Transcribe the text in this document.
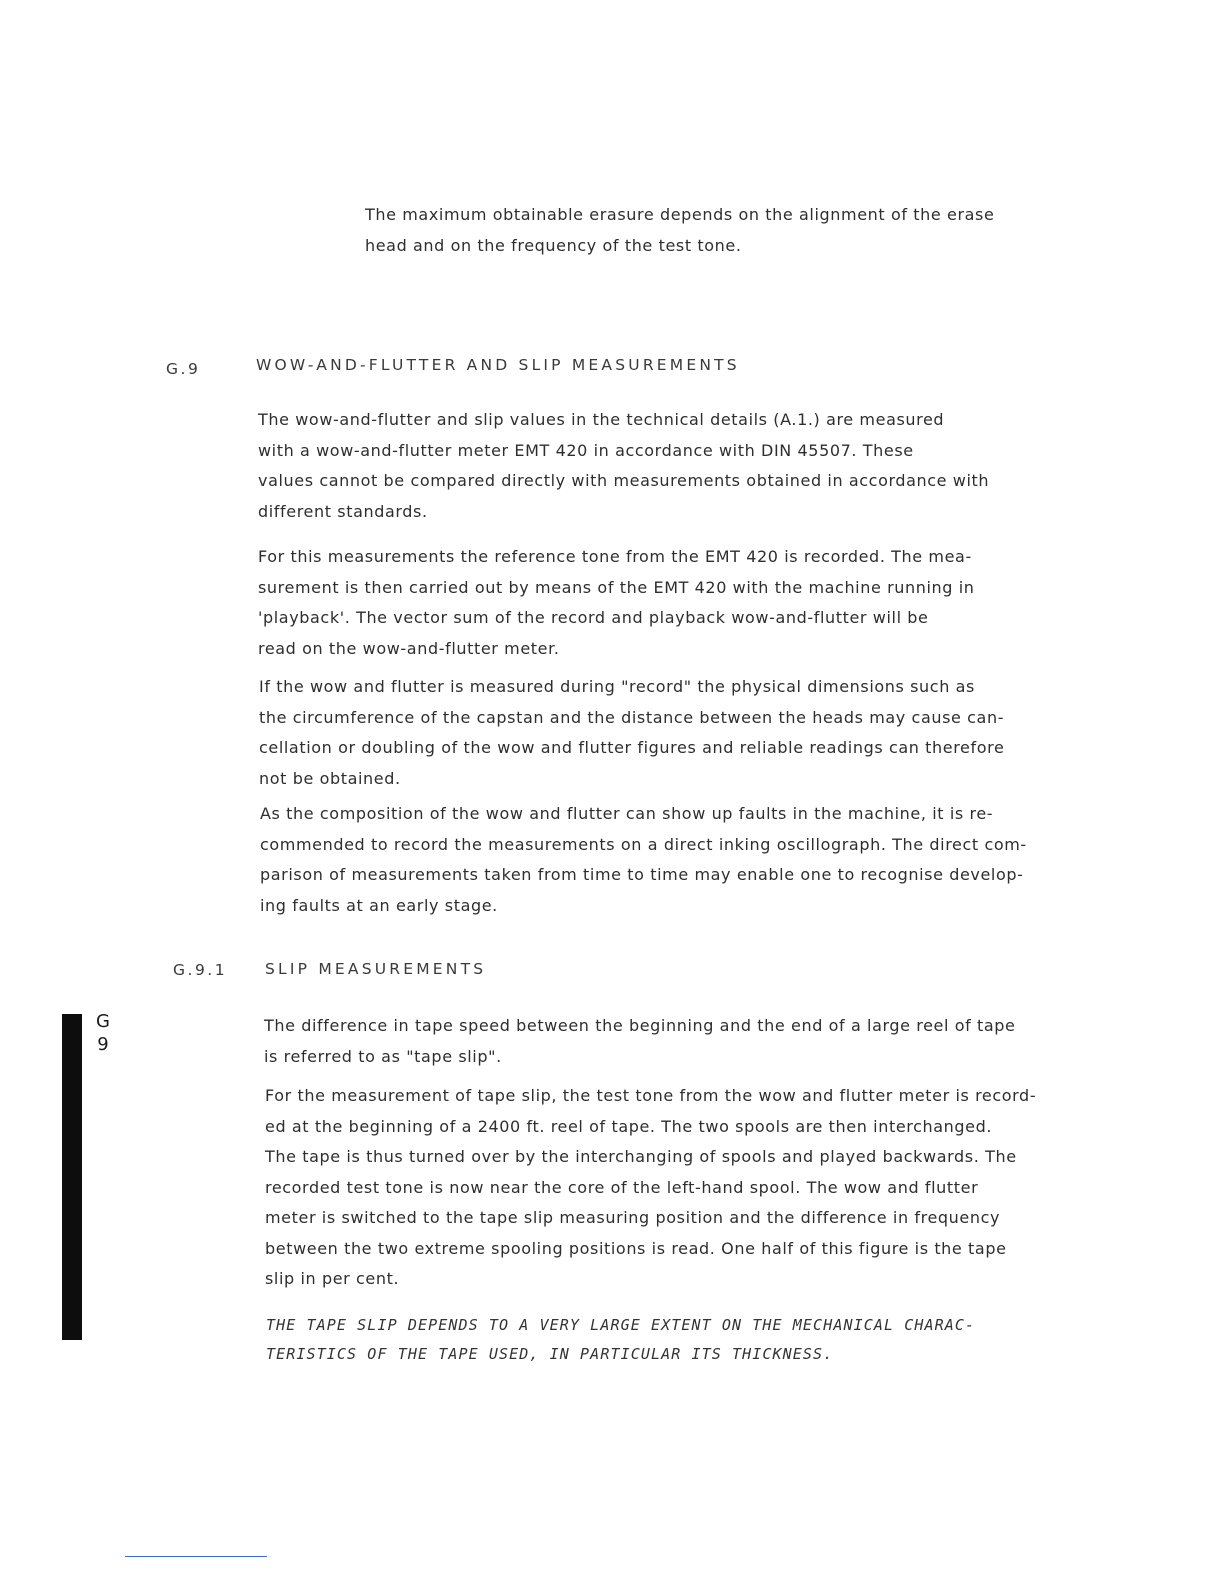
The maximum obtainable erasure depends on the alignment of the erase
head and on the frequency of the test tone.
G.9	WOW-AND-FLUTTER AND SLIP MEASUREMENTS
The wow-and-flutter and slip values in the technical details (A.1.) are measured
with a wow-and-flutter meter EMT 420 in accordance with DIN 45507. These
values cannot be compared directly with measurements obtained in accordance with
different standards.
For this measurements the reference tone from the EMT 420 is recorded. The mea-
surement is then carried out by means of the EMT 420 with the machine running in
'playback'. The vector sum of the record and playback wow-and-flutter will be
read on the wow-and-flutter meter.
If the wow and flutter is measured during "record" the physical dimensions such as
the circumference of the capstan and the distance between the heads may cause can-
cellation or doubling of the wow and flutter figures and reliable readings can therefore
not be obtained.
As the composition of the wow and flutter can show up faults in the machine, it is re-
commended to record the measurements on a direct inking oscillograph. The direct com-
parison of measurements taken from time to time may enable one to recognise develop-
ing faults at an early stage.
G.9.1 SLIP MEASUREMENTS
The difference in tape speed between the beginning and the end of a large reel of tape
is referred to as "tape slip".
For the measurement of tape slip, the test tone from the wow and flutter meter is record-
ed at the beginning of a 2400 ft. reel of tape. The two spools are then interchanged.
The tape is thus turned over by the interchanging of spools and played backwards. The
recorded test tone is now near the core of the left-hand spool. The wow and flutter
meter is switched to the tape slip measuring position and the difference in frequency
between the two extreme spooling positions is read. One half of this figure is the tape
slip in per cent.
THE TAPE SLIP DEPENDS TO A VERY LARGE EXTENT ON THE MECHANICAL CHARAC-
TERISTICS OF THE TAPE USED, IN PARTICULAR ITS THICKNESS.
G
9
